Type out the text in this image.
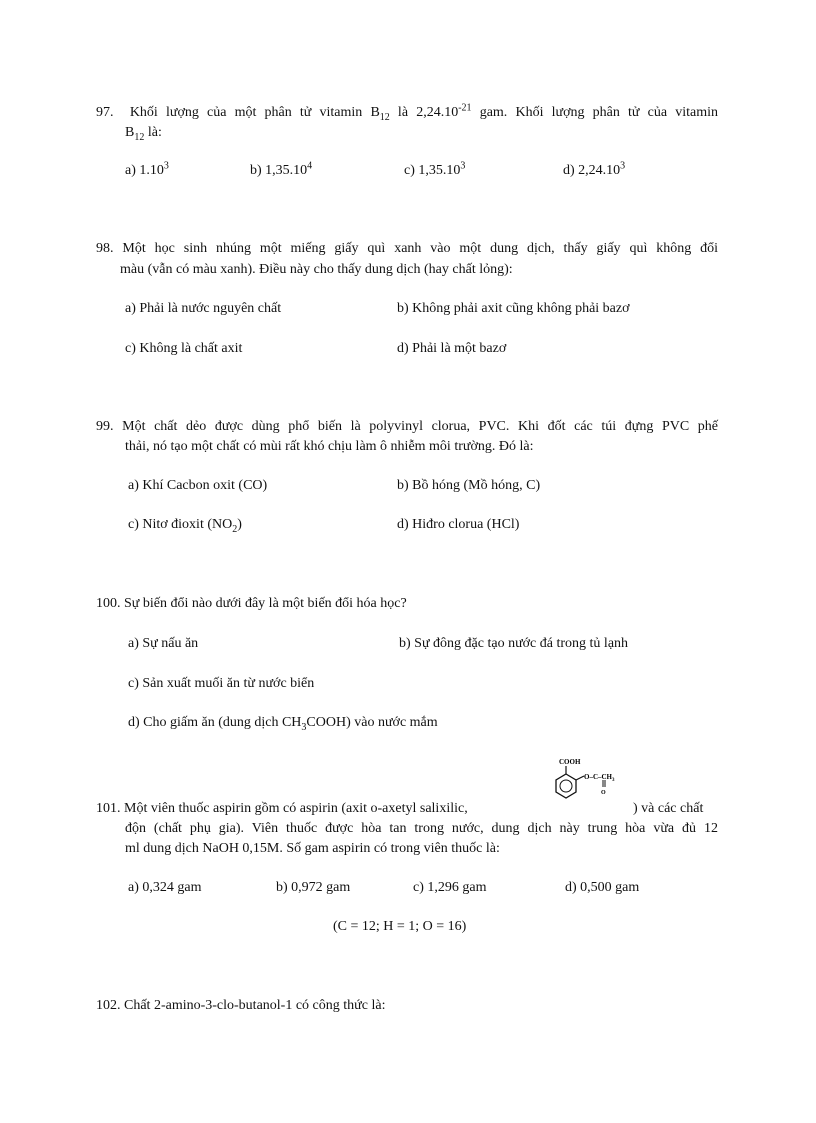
97. Khối lượng của một phân tử vitamin $B_{12}$ là $2,24.10^{-21}$ gam. Khối lượng phân tử của vitamin
$B_{12}$ là:
a) 1.10$^3$	b) 1,35.10$^4$	c) 1,35.10$^3$	d) 2,24.10$^3$
98. Một học sinh nhúng một miếng giấy quì xanh vào một dung dịch, thấy giấy quì không đổi
màu (vẫn có màu xanh). Điều này cho thấy dung dịch (hay chất lỏng):
a) Phải là nước nguyên chất	b) Không phải axit cũng không phải bazơ
c) Không là chất axit	d) Phải là một bazơ
99. Một chất dẻo được dùng phổ biến là polyvinyl clorua, PVC. Khi đốt các túi đựng PVC phế
thải, nó tạo một chất có mùi rất khó chịu làm ô nhiễm môi trường. Đó là:
a) Khí Cacbon oxit (CO)	b) Bồ hóng (Mồ hóng, C)
c) Nitơ đioxit $(NO_2)$	d) Hiđro clorua (HCl)
100. Sự biến đổi nào dưới đây là một biến đổi hóa học?
a) Sự nấu ăn	b) Sự đông đặc tạo nước đá trong tủ lạnh
c) Sản xuất muối ăn từ nước biển
d) Cho giấm ăn (dung dịch $CH_3COOH$) vào nước mắm
COOH
$O-C-CH_3$
O
101. Một viên thuốc aspirin gồm có aspirin (axit o-axetyl salixilic,	) và các chất
độn (chất phụ gia). Viên thuốc được hòa tan trong nước, dung dịch này trung hòa vừa đủ 12
ml dung dịch NaOH 0,15M. Số gam aspirin có trong viên thuốc là:
a) 0,324 gam	b) 0,972 gam	c) 1,296 gam	d) 0,500 gam
(C = 12; H = 1; O = 16)
102. Chất 2-amino-3-clo-butanol-1 có công thức là:
